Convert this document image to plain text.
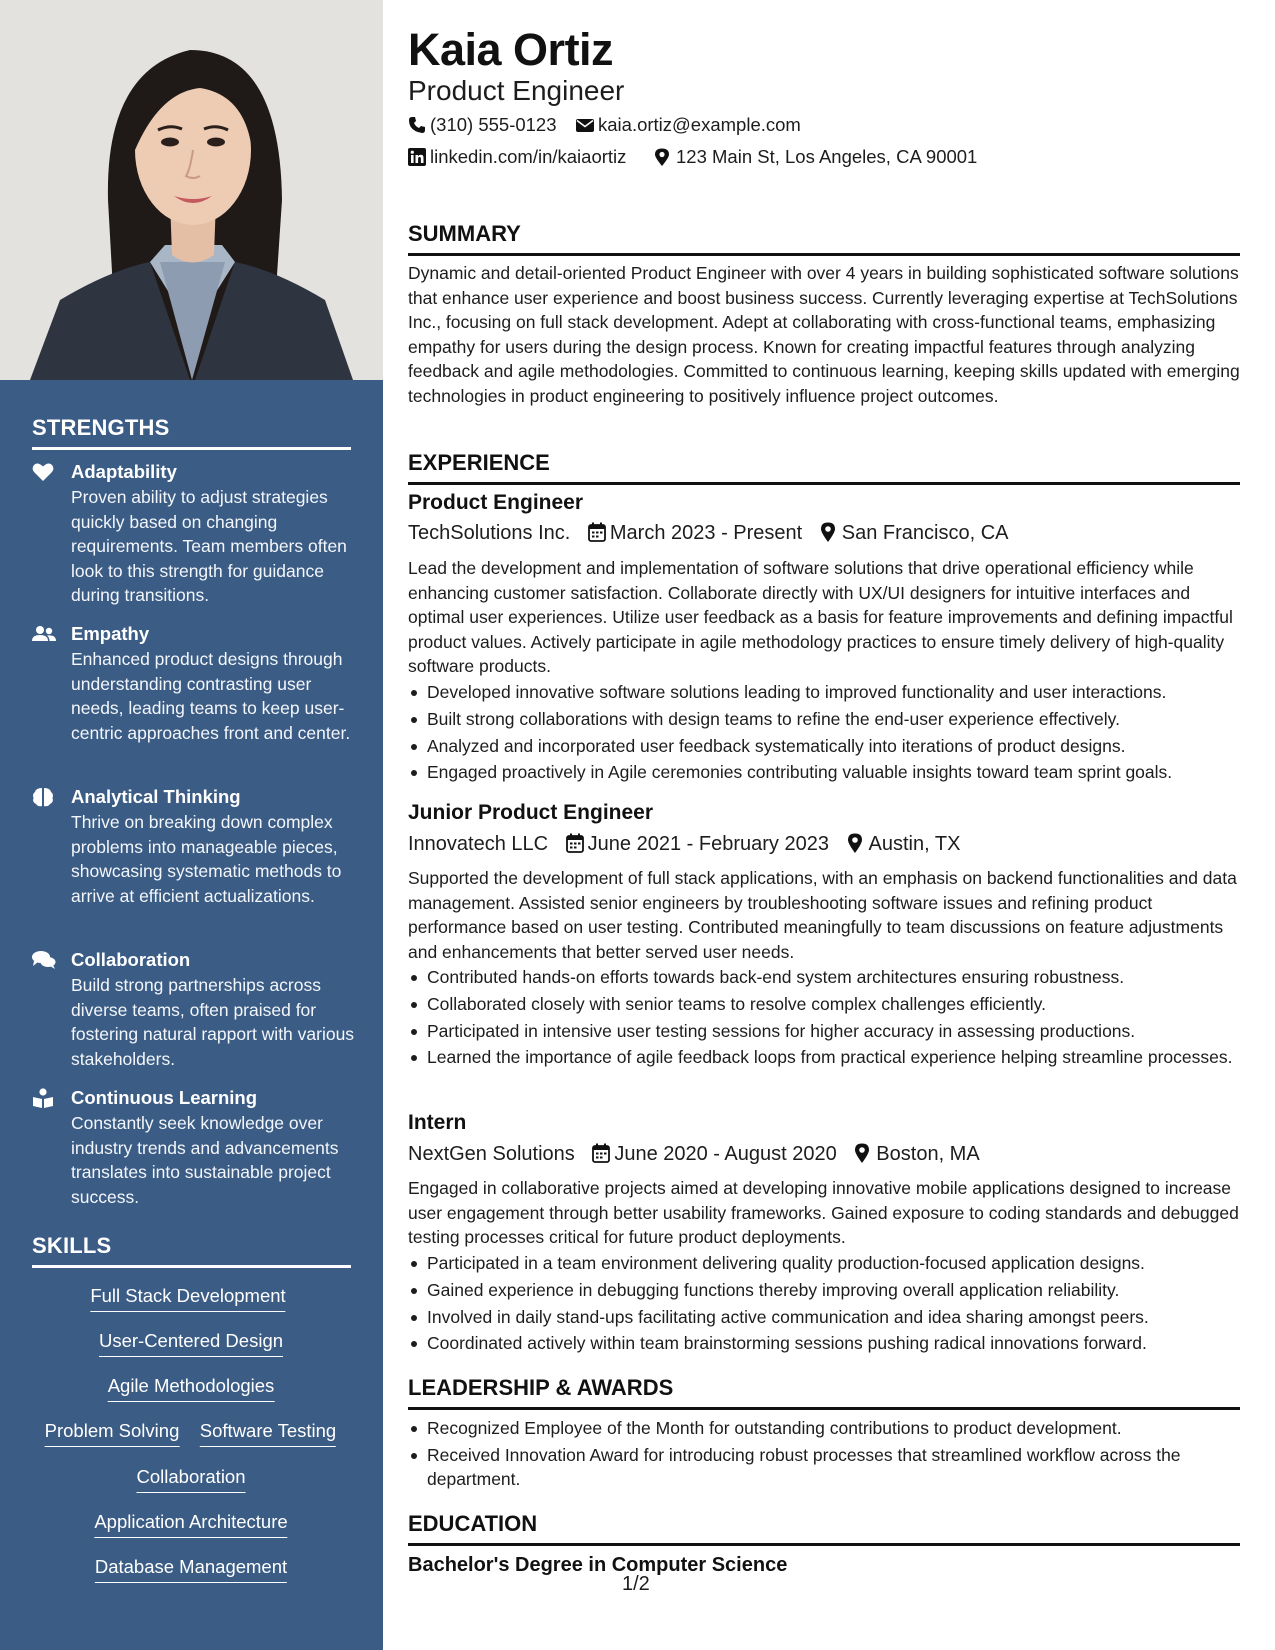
STRENGTHS
Adaptability
Proven ability to adjust strategies quickly based on changing requirements. Team members often look to this strength for guidance during transitions.
Empathy
Enhanced product designs through understanding contrasting user needs, leading teams to keep user-centric approaches front and center.
Analytical Thinking
Thrive on breaking down complex problems into manageable pieces, showcasing systematic methods to arrive at efficient actualizations.
Collaboration
Build strong partnerships across diverse teams, often praised for fostering natural rapport with various stakeholders.
Continuous Learning
Constantly seek knowledge over industry trends and advancements translates into sustainable project success.
SKILLS
Full Stack Development
User-Centered Design
Agile Methodologies
Problem Solving Software Testing
Collaboration
Application Architecture
Database Management
Kaia Ortiz
Product Engineer
(310) 555-0123	kaia.ortiz@example.com
linkedin.com/in/kaiaortiz	123 Main St, Los Angeles, CA 90001
SUMMARY
Dynamic and detail-oriented Product Engineer with over 4 years in building sophisticated software solutions that enhance user experience and boost business success. Currently leveraging expertise at TechSolutions Inc., focusing on full stack development. Adept at collaborating with cross-functional teams, emphasizing empathy for users during the design process. Known for creating impactful features through analyzing feedback and agile methodologies. Committed to continuous learning, keeping skills updated with emerging technologies in product engineering to positively influence project outcomes.
EXPERIENCE
Product Engineer
TechSolutions Inc. March 2023 - Present San Francisco, CA
Lead the development and implementation of software solutions that drive operational efficiency while enhancing customer satisfaction. Collaborate directly with UX/UI designers for intuitive interfaces and optimal user experiences. Utilize user feedback as a basis for feature improvements and defining impactful product values. Actively participate in agile methodology practices to ensure timely delivery of high-quality software products.
Developed innovative software solutions leading to improved functionality and user interactions.
Built strong collaborations with design teams to refine the end-user experience effectively.
Analyzed and incorporated user feedback systematically into iterations of product designs.
Engaged proactively in Agile ceremonies contributing valuable insights toward team sprint goals.
Junior Product Engineer
Innovatech LLC June 2021 - February 2023 Austin, TX
Supported the development of full stack applications, with an emphasis on backend functionalities and data management. Assisted senior engineers by troubleshooting software issues and refining product performance based on user testing. Contributed meaningfully to team discussions on feature adjustments and enhancements that better served user needs.
Contributed hands-on efforts towards back-end system architectures ensuring robustness.
Collaborated closely with senior teams to resolve complex challenges efficiently.
Participated in intensive user testing sessions for higher accuracy in assessing productions.
Learned the importance of agile feedback loops from practical experience helping streamline processes.
Intern
NextGen Solutions June 2020 - August 2020 Boston, MA
Engaged in collaborative projects aimed at developing innovative mobile applications designed to increase user engagement through better usability frameworks. Gained exposure to coding standards and debugged testing processes critical for future product deployments.
Participated in a team environment delivering quality production-focused application designs.
Gained experience in debugging functions thereby improving overall application reliability.
Involved in daily stand-ups facilitating active communication and idea sharing amongst peers.
Coordinated actively within team brainstorming sessions pushing radical innovations forward.
LEADERSHIP & AWARDS
Recognized Employee of the Month for outstanding contributions to product development.
Received Innovation Award for introducing robust processes that streamlined workflow across the department.
EDUCATION
Bachelor's Degree in Computer Science
1/2
